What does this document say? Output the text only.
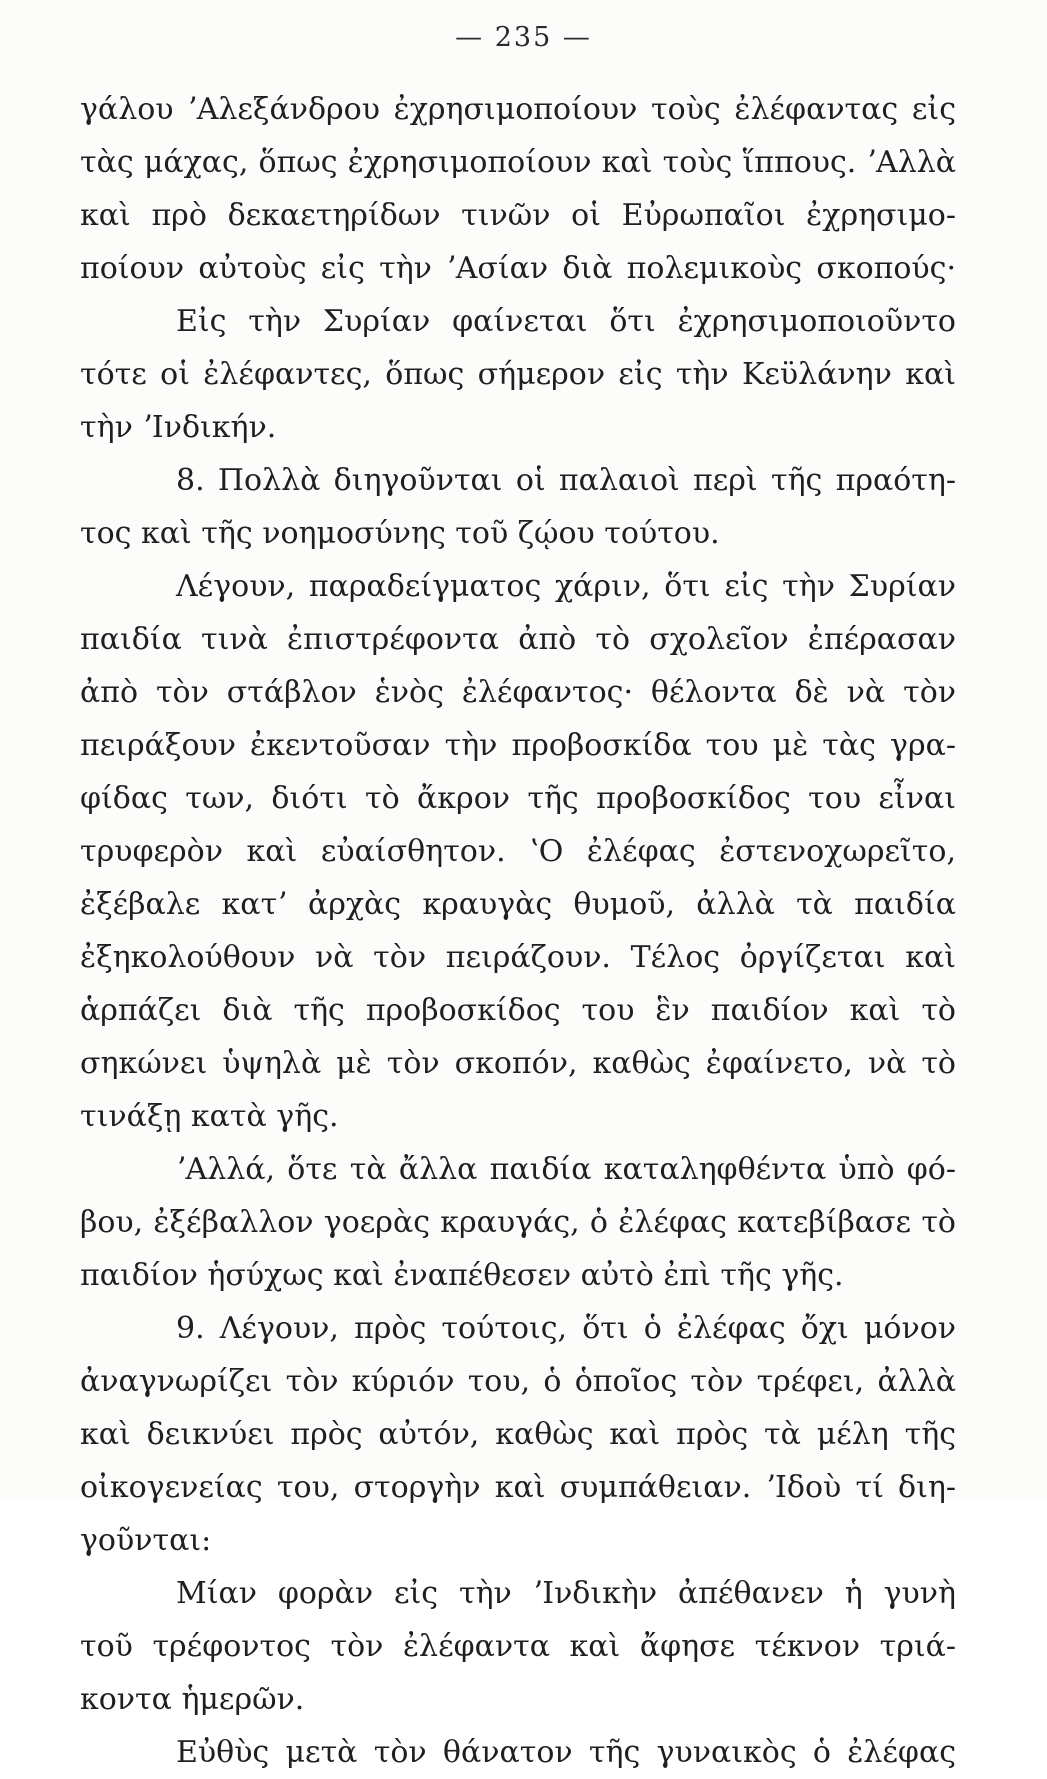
— 235 —
γάλου ʼΑλεξάνδρου ἐχρησιμοποίουν τοὺς ἐλέφαντας εἰς
τὰς μάχας, ὅπως ἐχρησιμοποίουν καὶ τοὺς ἵππους. ʼΑλλὰ
καὶ πρὸ δεκαετηρίδων τινῶν οἱ Εὐρωπαῖοι ἐχρησιμο-
ποίουν αὐτοὺς εἰς τὴν ʼΑσίαν διὰ πολεμικοὺς σκοπούς·
Εἰς τὴν Συρίαν φαίνεται ὅτι ἐχρησιμοποιοῦντο
τότε οἱ ἐλέφαντες, ὅπως σήμερον εἰς τὴν Κεϋλάνην καὶ
τὴν ʼΙνδικήν.
8. Πολλὰ διηγοῦνται οἱ παλαιοὶ περὶ τῆς πραότη-
τος καὶ τῆς νοημοσύνης τοῦ ζῴου τούτου.
Λέγουν, παραδείγματος χάριν, ὅτι εἰς τὴν Συρίαν
παιδία τινὰ ἐπιστρέφοντα ἀπὸ τὸ σχολεῖον ἐπέρασαν
ἀπὸ τὸν στάβλον ἑνὸς ἐλέφαντος· θέλοντα δὲ νὰ τὸν
πειράξουν ἐκεντοῦσαν τὴν προβοσκίδα του μὲ τὰς γρα-
φίδας των, διότι τὸ ἄκρον τῆς προβοσκίδος του εἶναι
τρυφερὸν καὶ εὐαίσθητον. ʽΟ ἐλέφας ἐστενοχωρεῖτο,
ἐξέβαλε κατʼ ἀρχὰς κραυγὰς θυμοῦ, ἀλλὰ τὰ παιδία
ἐξηκολούθουν νὰ τὸν πειράζουν. Τέλος ὀργίζεται καὶ
ἁρπάζει διὰ τῆς προβοσκίδος του ἓν παιδίον καὶ τὸ
σηκώνει ὑψηλὰ μὲ τὸν σκοπόν, καθὼς ἐφαίνετο, νὰ τὸ
τινάξῃ κατὰ γῆς.
ʼΑλλά, ὅτε τὰ ἄλλα παιδία καταληφθέντα ὑπὸ φό-
βου, ἐξέβαλλον γοερὰς κραυγάς, ὁ ἐλέφας κατεβίβασε τὸ
παιδίον ἡσύχως καὶ ἐναπέθεσεν αὐτὸ ἐπὶ τῆς γῆς.
9. Λέγουν, πρὸς τούτοις, ὅτι ὁ ἐλέφας ὄχι μόνον
ἀναγνωρίζει τὸν κύριόν του, ὁ ὁποῖος τὸν τρέφει, ἀλλὰ
καὶ δεικνύει πρὸς αὐτόν, καθὼς καὶ πρὸς τὰ μέλη τῆς
οἰκογενείας του, στοργὴν καὶ συμπάθειαν. ʼΙδοὺ τί διη-
γοῦνται:
Μίαν φορὰν εἰς τὴν ʼΙνδικὴν ἀπέθανεν ἡ γυνὴ
τοῦ τρέφοντος τὸν ἐλέφαντα καὶ ἄφησε τέκνον τριά-
κοντα ἡμερῶν.
Εὐθὺς μετὰ τὸν θάνατον τῆς γυναικὸς ὁ ἐλέφας
